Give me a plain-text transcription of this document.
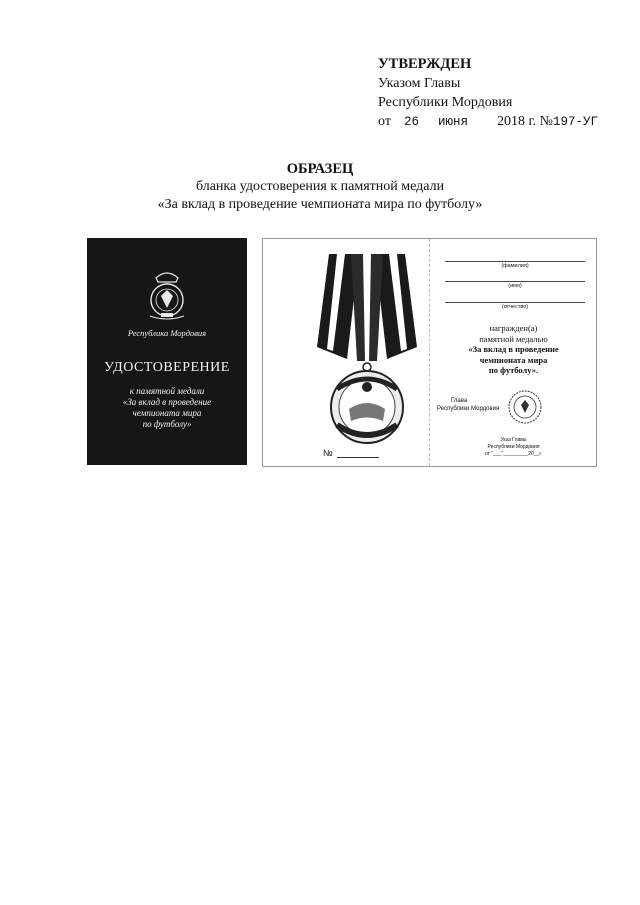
УТВЕРЖДЕН
Указом Главы
Республики Мордовия
от 26 июня 2018 г. №197-УГ
ОБРАЗЕЦ
бланка удостоверения к памятной медали
«За вклад в проведение чемпионата мира по футболу»
Республика Мордовия
УДОСТОВЕРЕНИЕ
к памятной медали
«За вклад в проведение
чемпионата мира
по футболу»
№
(фамилия)
(имя)
(отчество)
награжден(а)
памятной медалью
«За вклад в проведение
чемпионата мира
по футболу».
Глава
Республики Мордовия
Указ Главы
Республики Мордовия
от "___"_________20__г.
